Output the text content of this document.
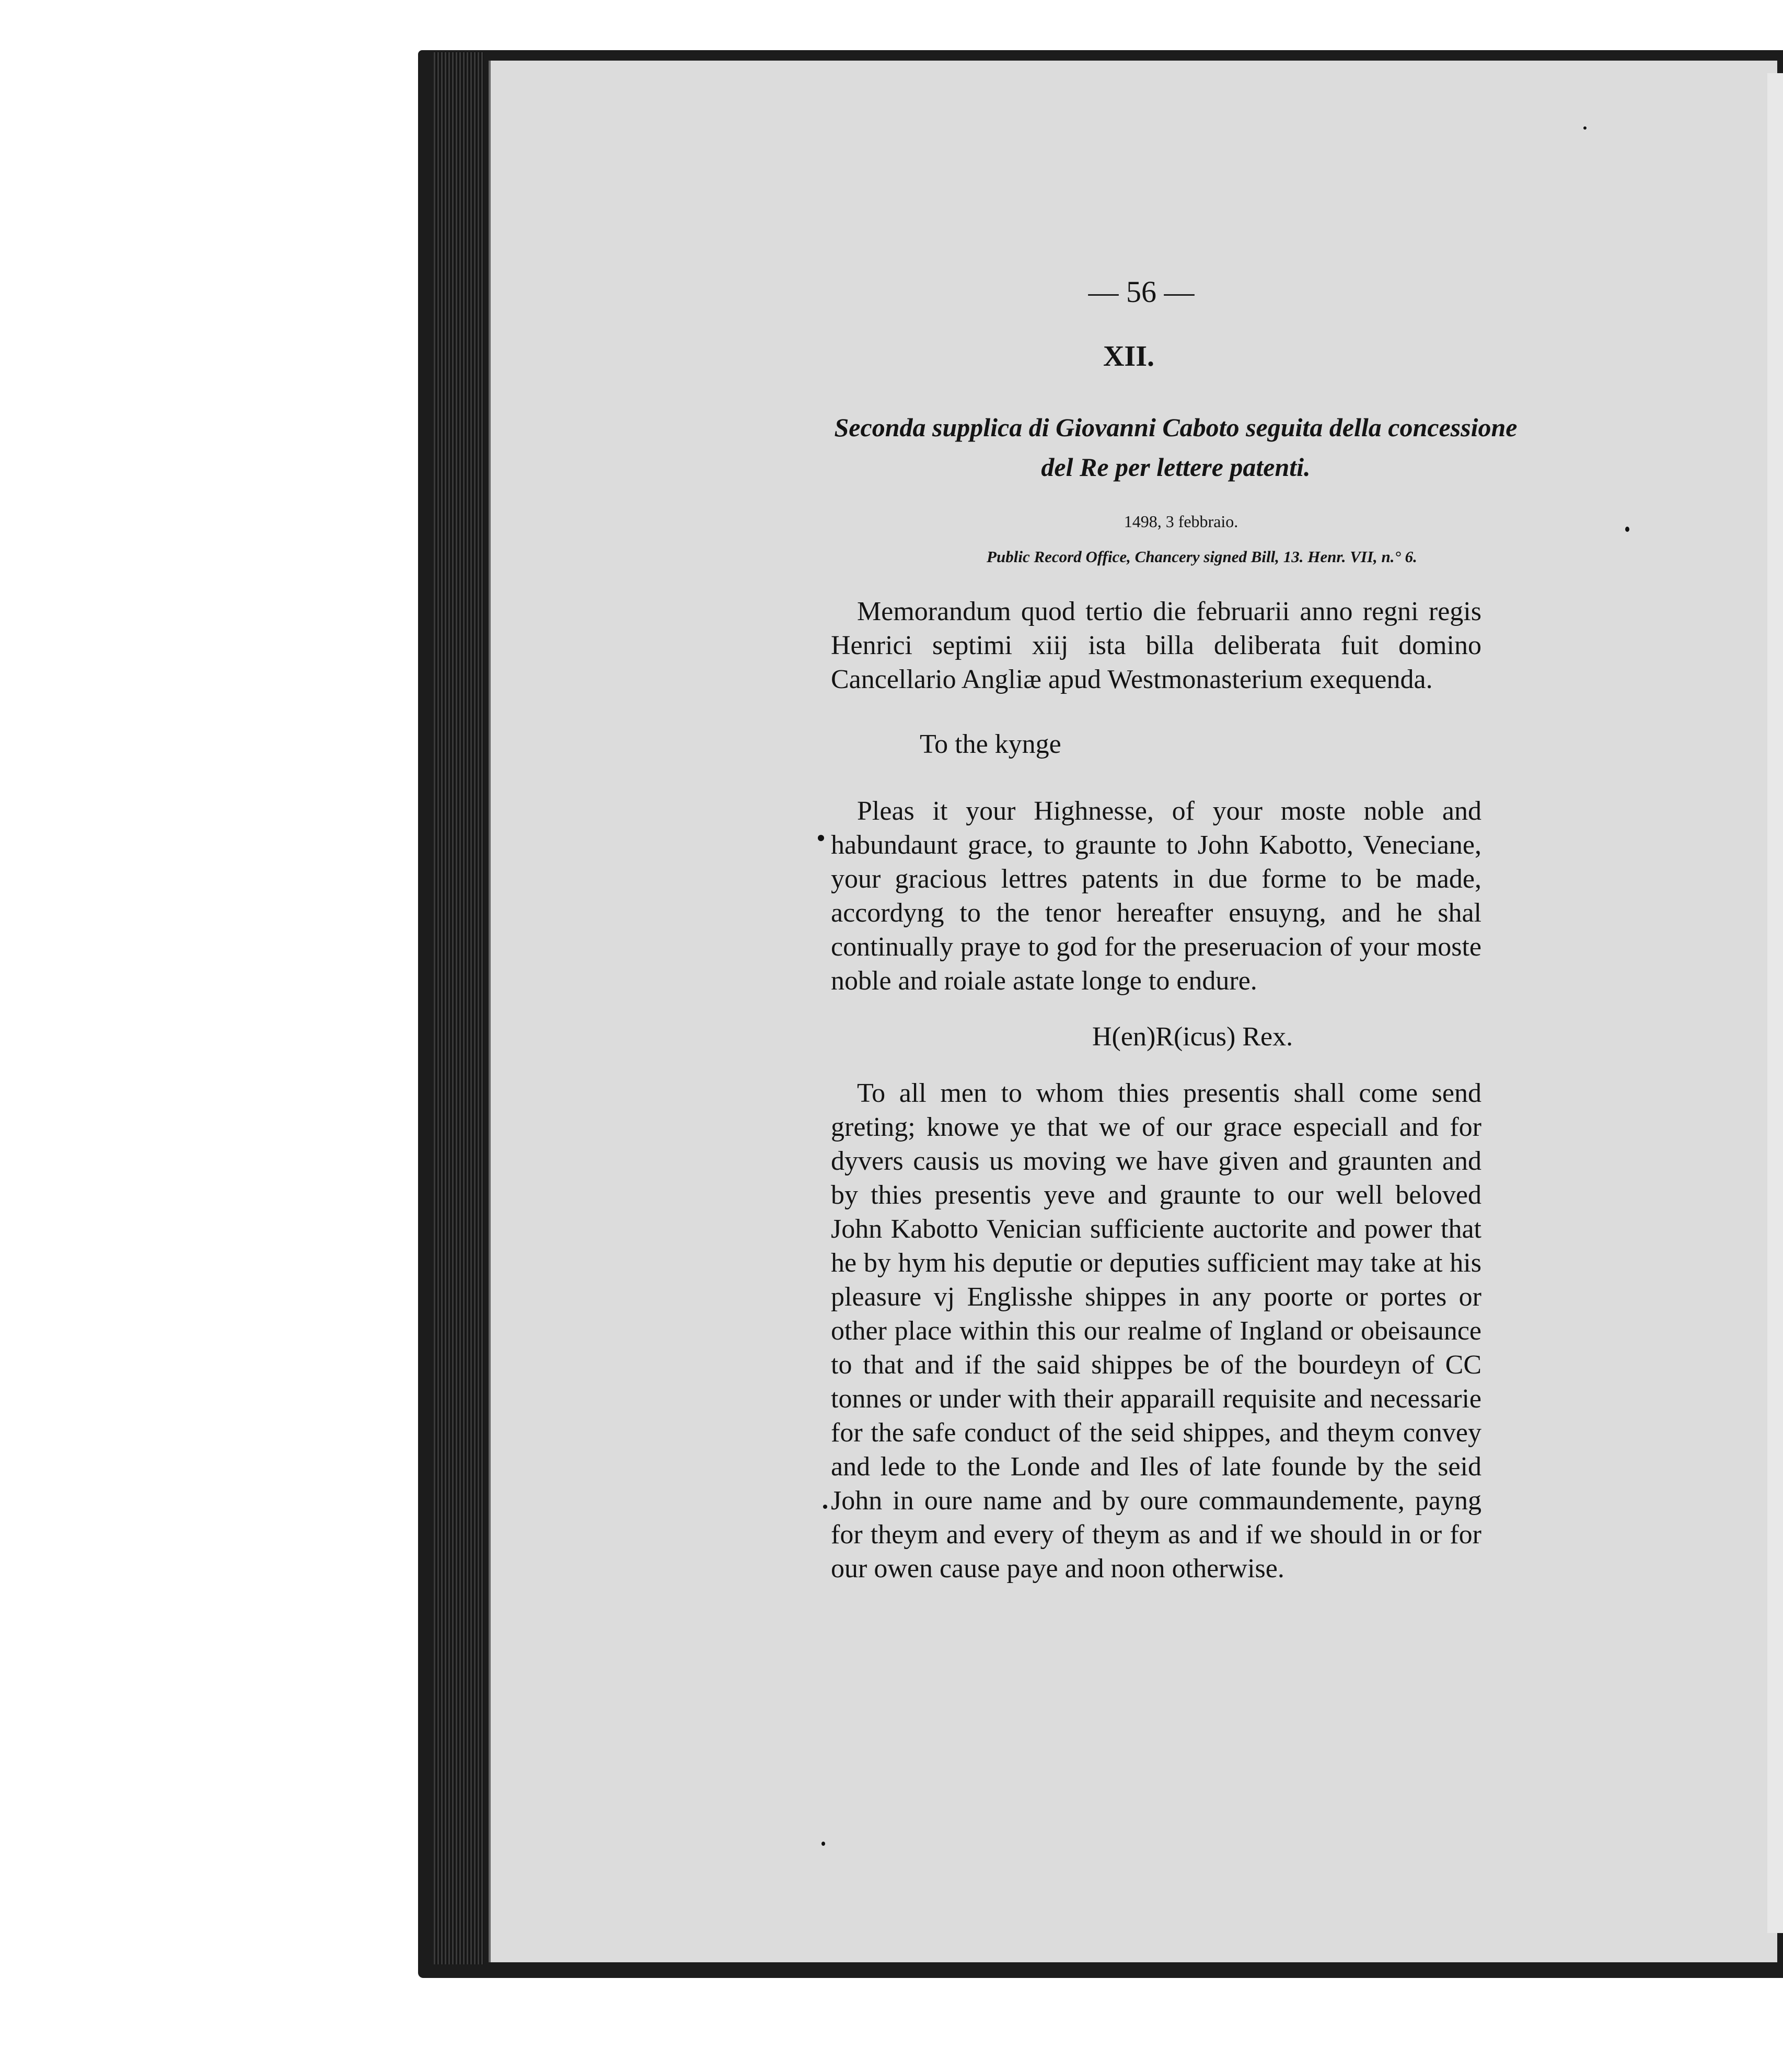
— 56 —
XII.
Seconda supplica di Giovanni Caboto seguita della concessione
del Re per lettere patenti.
1498, 3 febbraio.
Public Record Office, Chancery signed Bill, 13. Henr. VII, n.° 6.
Memorandum quod tertio die februarii anno regni regis Henrici septimi xiij ista billa deliberata fuit domino Cancellario Angliæ apud Westmonasterium exequenda.
To the kynge
Pleas it your Highnesse, of your moste noble and habundaunt grace, to graunte to John Kabotto, Veneciane, your gracious lettres patents in due forme to be made, accordyng to the tenor hereafter ensuyng, and he shal continually praye to god for the preseruacion of your moste noble and roiale astate longe to endure.
H(en)R(icus) Rex.
To all men to whom thies presentis shall come send greting; knowe ye that we of our grace especiall and for dyvers causis us moving we have given and graunten and by thies presentis yeve and graunte to our well beloved John Kabotto Venician sufficiente auctorite and power that he by hym his deputie or deputies sufficient may take at his pleasure vj Englisshe shippes in any poorte or portes or other place within this our realme of Ingland or obeisaunce to that and if the said shippes be of the bourdeyn of CC tonnes or under with their apparaill requisite and necessarie for the safe conduct of the seid shippes, and theym convey and lede to the Londe and Iles of late founde by the seid John in oure name and by oure commaundemente, payng for theym and every of theym as and if we should in or for our owen cause paye and noon otherwise.
